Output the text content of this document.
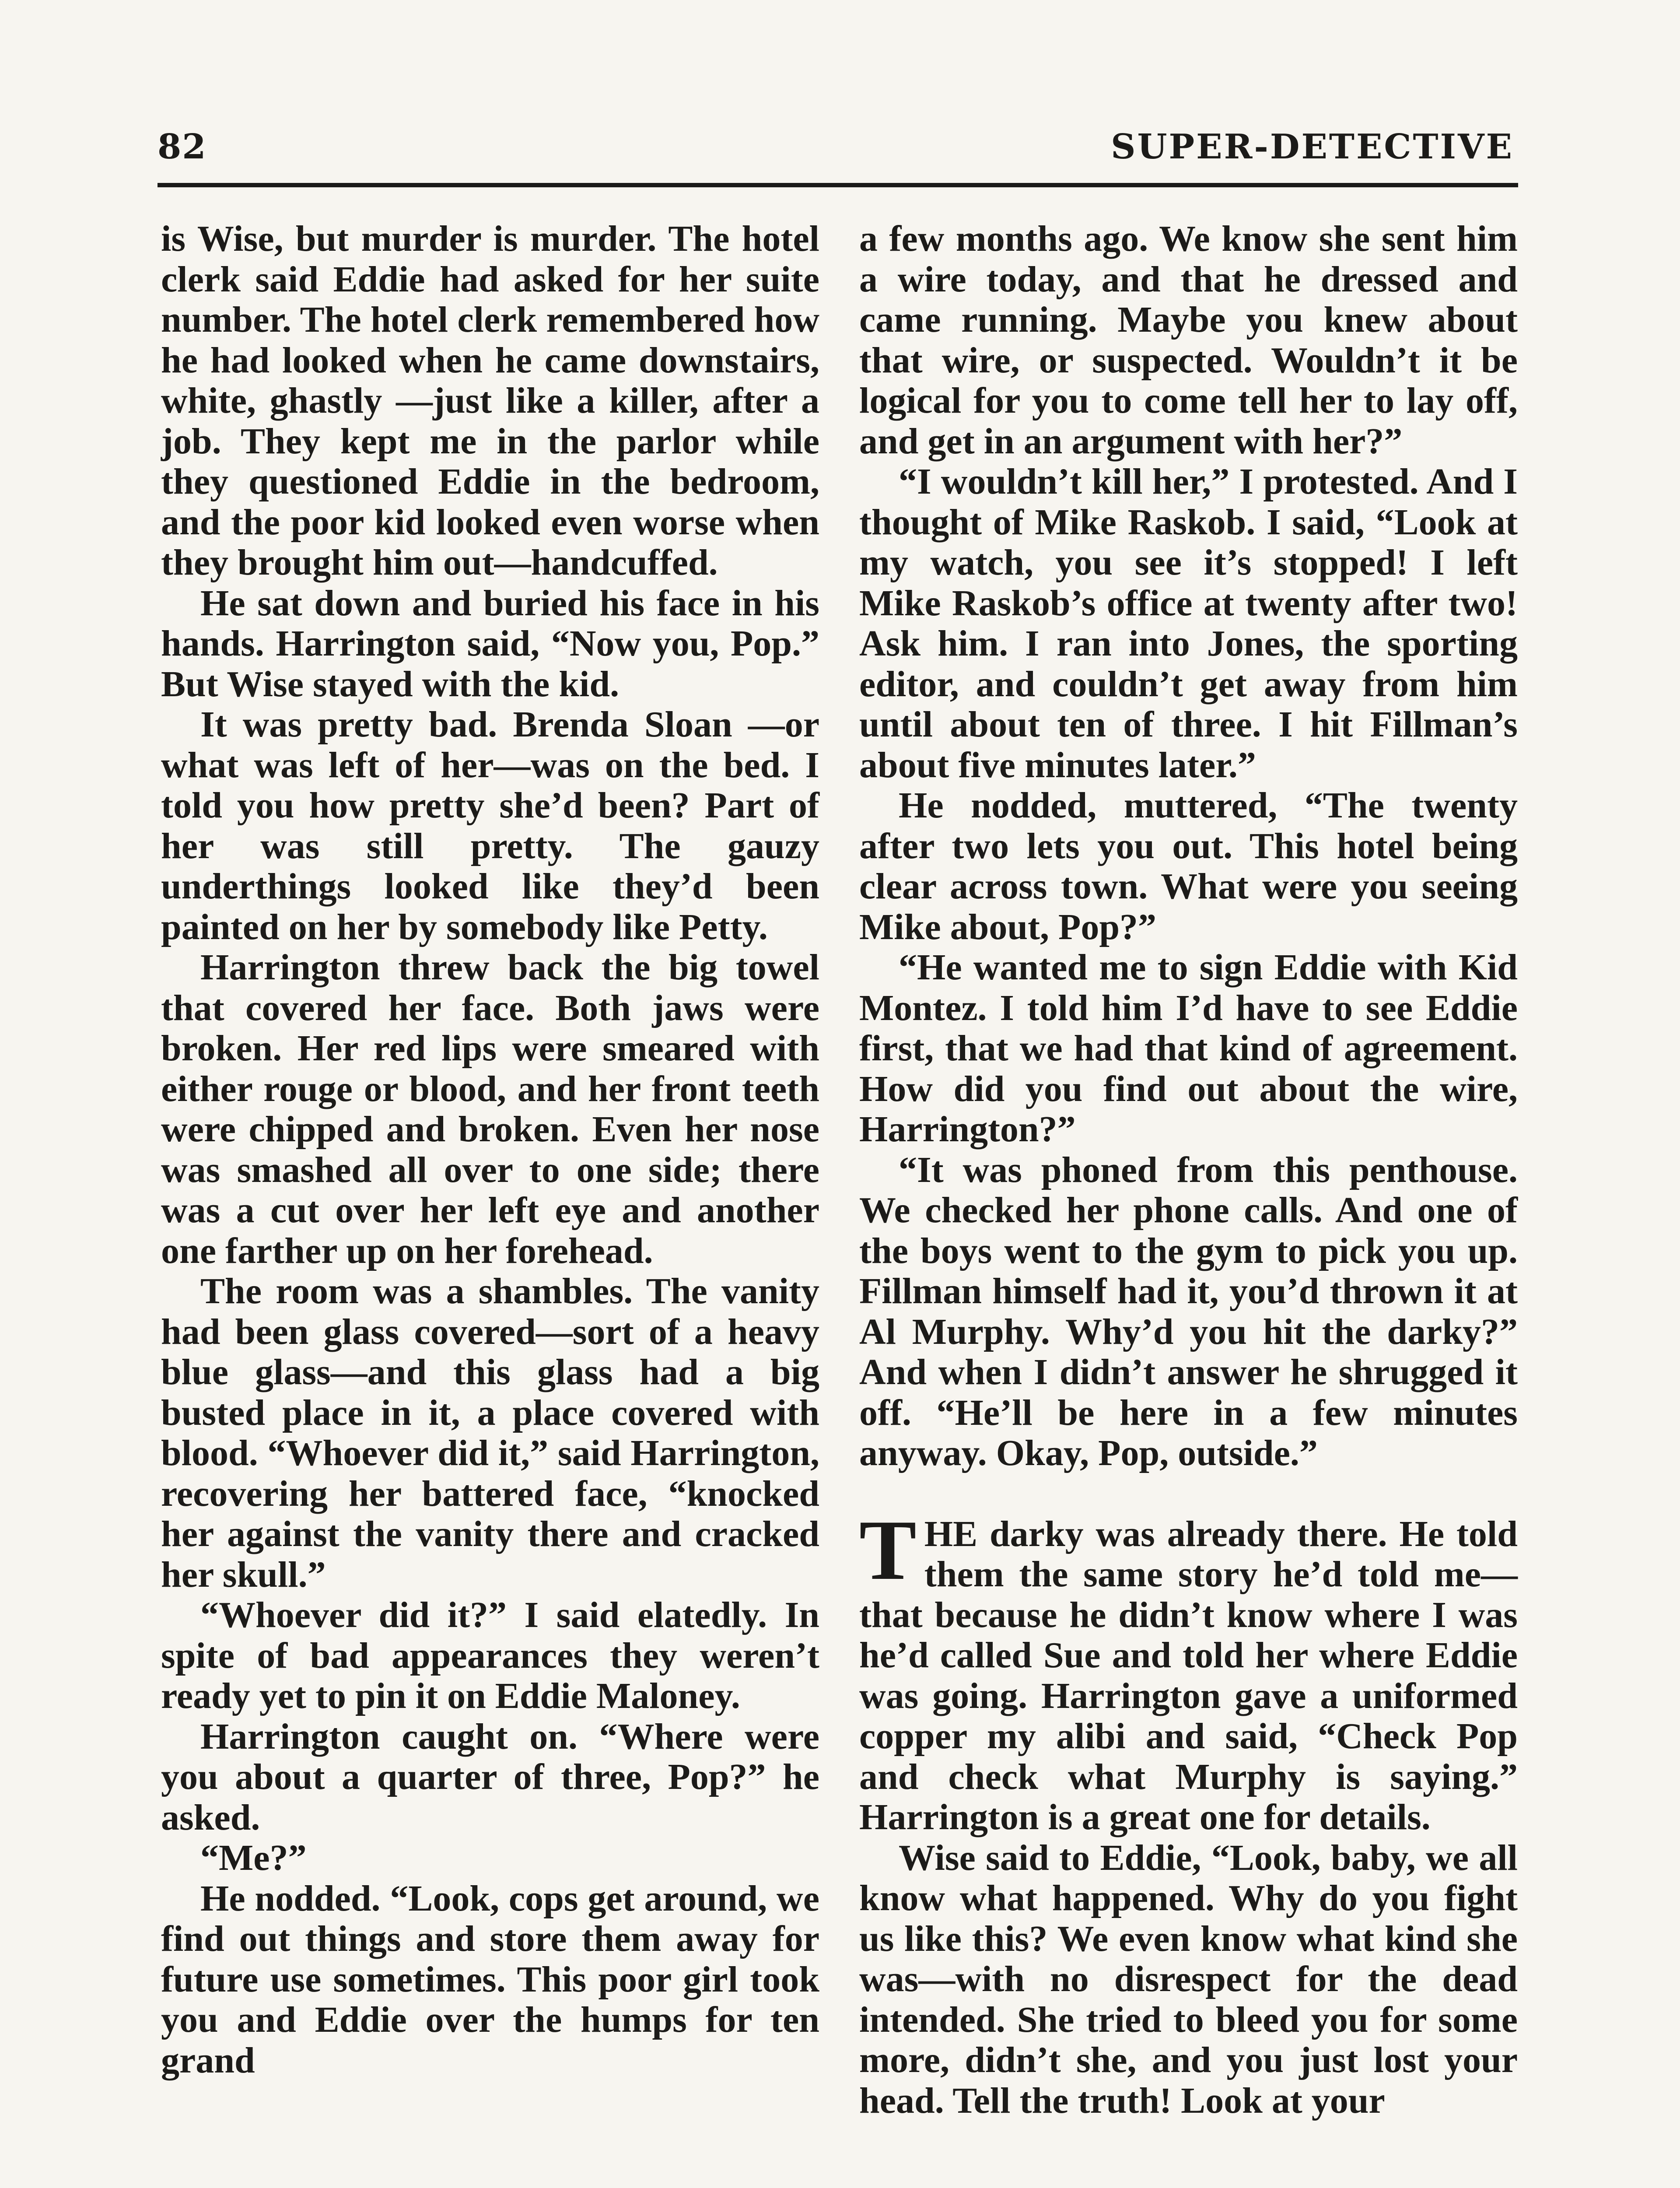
82	SUPER-DETECTIVE

is Wise, but murder is murder. The hotel clerk said Eddie had asked for her suite number. The hotel clerk remembered how he had looked when he came downstairs, white, ghastly —just like a killer, after a job. They kept me in the parlor while they questioned Eddie in the bedroom, and the poor kid looked even worse when they brought him out—handcuffed.

He sat down and buried his face in his hands. Harrington said, “Now you, Pop.” But Wise stayed with the kid.

It was pretty bad. Brenda Sloan —or what was left of her—was on the bed. I told you how pretty she’d been? Part of her was still pretty. The gauzy underthings looked like they’d been painted on her by somebody like Petty.

Harrington threw back the big towel that covered her face. Both jaws were broken. Her red lips were smeared with either rouge or blood, and her front teeth were chipped and broken. Even her nose was smashed all over to one side; there was a cut over her left eye and another one farther up on her forehead.

The room was a shambles. The vanity had been glass covered—sort of a heavy blue glass—and this glass had a big busted place in it, a place covered with blood. “Whoever did it,” said Harrington, recovering her battered face, “knocked her against the vanity there and cracked her skull.”

“Whoever did it?” I said elatedly. In spite of bad appearances they weren’t ready yet to pin it on Eddie Maloney.

Harrington caught on. “Where were you about a quarter of three, Pop?” he asked.

“Me?”

He nodded. “Look, cops get around, we find out things and store them away for future use sometimes. This poor girl took you and Eddie over the humps for ten grand

a few months ago. We know she sent him a wire today, and that he dressed and came running. Maybe you knew about that wire, or suspected. Wouldn’t it be logical for you to come tell her to lay off, and get in an argument with her?”

“I wouldn’t kill her,” I protested. And I thought of Mike Raskob. I said, “Look at my watch, you see it’s stopped! I left Mike Raskob’s office at twenty after two! Ask him. I ran into Jones, the sporting editor, and couldn’t get away from him until about ten of three. I hit Fillman’s about five minutes later.”

He nodded, muttered, “The twenty after two lets you out. This hotel being clear across town. What were you seeing Mike about, Pop?”

“He wanted me to sign Eddie with Kid Montez. I told him I’d have to see Eddie first, that we had that kind of agreement. How did you find out about the wire, Harrington?”

“It was phoned from this penthouse. We checked her phone calls. And one of the boys went to the gym to pick you up. Fillman himself had it, you’d thrown it at Al Murphy. Why’d you hit the darky?” And when I didn’t answer he shrugged it off. “He’ll be here in a few minutes anyway. Okay, Pop, outside.”

THE darky was already there. He told them the same story he’d told me—that because he didn’t know where I was he’d called Sue and told her where Eddie was going. Harrington gave a uniformed copper my alibi and said, “Check Pop and check what Murphy is saying.” Harrington is a great one for details.

Wise said to Eddie, “Look, baby, we all know what happened. Why do you fight us like this? We even know what kind she was—with no disrespect for the dead intended. She tried to bleed you for some more, didn’t she, and you just lost your head. Tell the truth! Look at your
